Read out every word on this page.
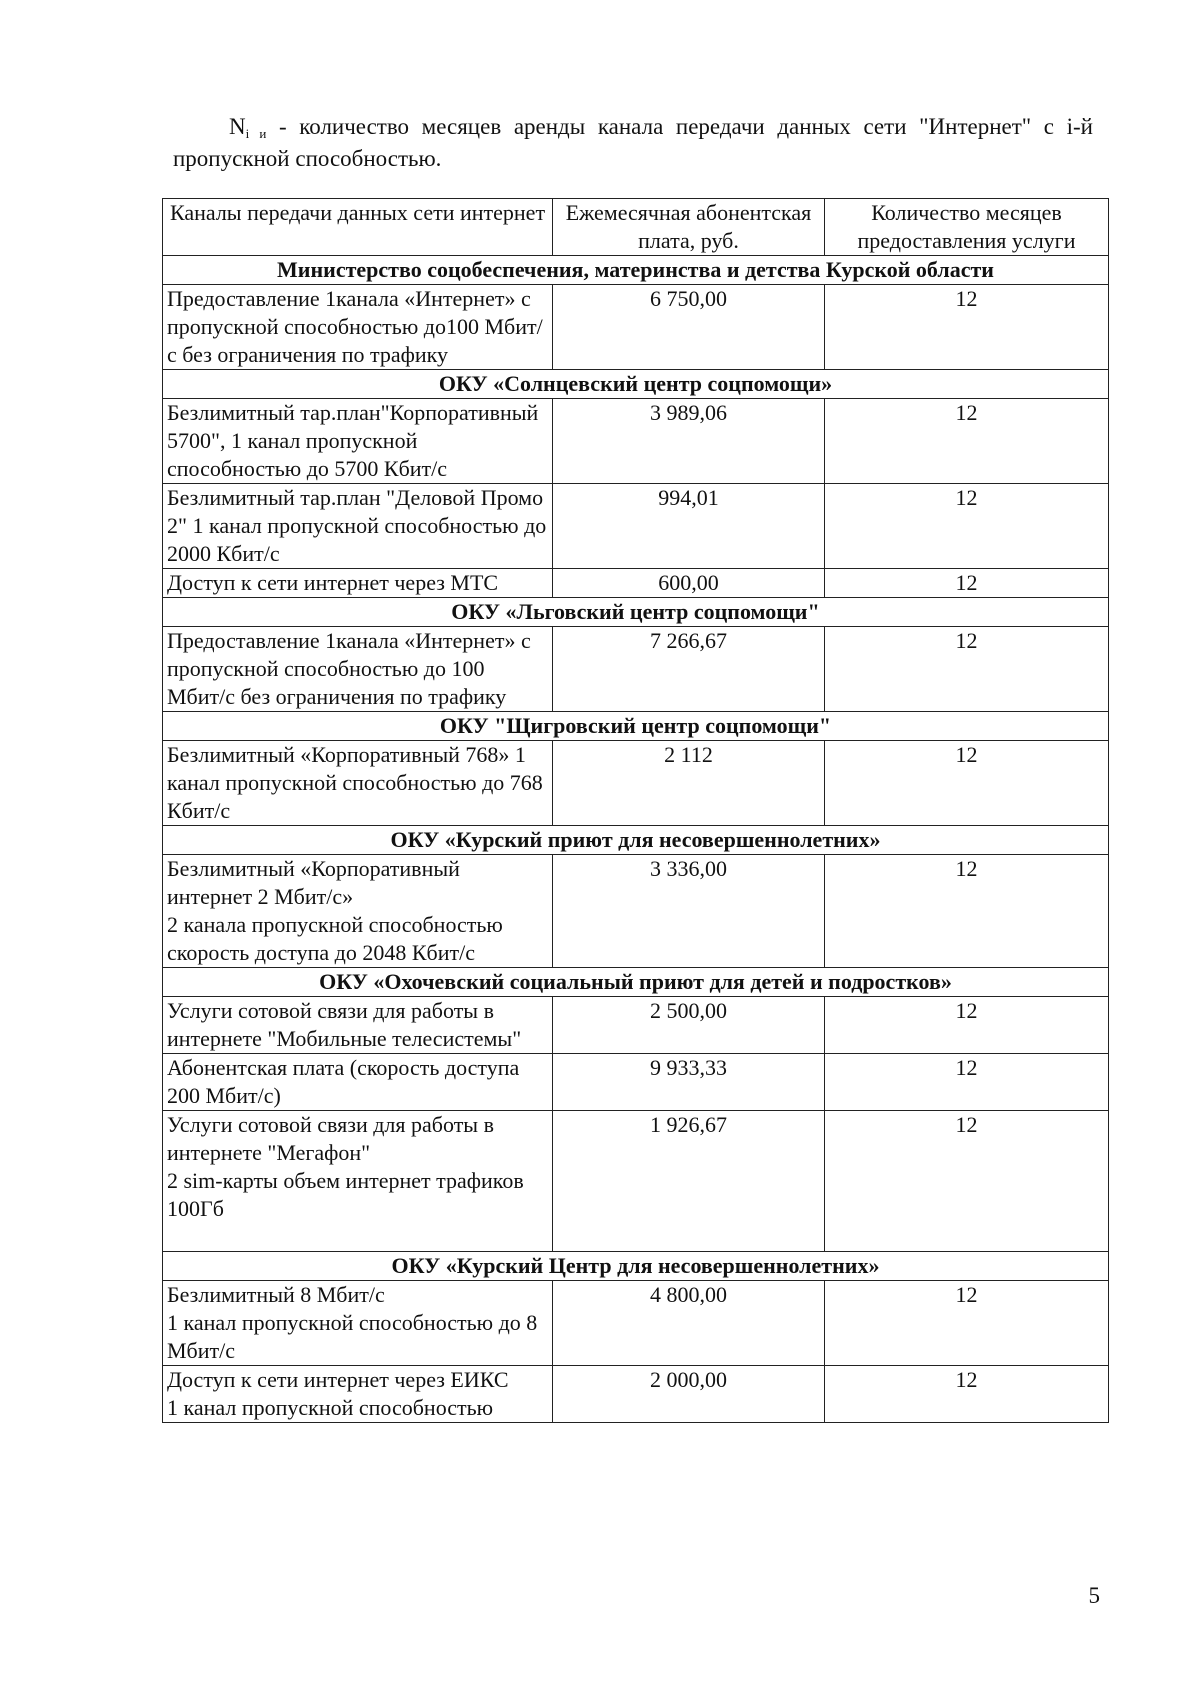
$N_{i и}$ - количество месяцев аренды канала передачи данных сети "Интернет" с i-й пропускной способностью.
Каналы передачи данных сети интернет	Ежемесячная абонентская плата, руб.	Количество месяцев предоставления услуги
Министерство соцобеспечения, материнства и детства Курской области		
Предоставление 1канала «Интернет» с пропускной способностью до100 Мбит/с без ограничения по трафику	6 750,00	12
ОКУ «Солнцевский центр соцпомощи»		
Безлимитный тар.план"Корпоративный 5700", 1 канал пропускной способностью до 5700 Кбит/с	3 989,06	12
Безлимитный тар.план "Деловой Промо 2" 1 канал пропускной способностью до 2000 Кбит/с	994,01	12
Доступ к сети интернет через МТС	600,00	12
ОКУ «Льговский центр соцпомощи"		
Предоставление 1канала «Интернет» с пропускной способностью до 100 Мбит/с без ограничения по трафику	7 266,67	12
ОКУ "Щигровский центр соцпомощи"		
Безлимитный «Корпоративный 768» 1 канал пропускной способностью до 768 Кбит/с	2 112	12
ОКУ «Курский приют для несовершеннолетних»		
Безлимитный «Корпоративный интернет 2 Мбит/с»
2 канала пропускной способностью скорость доступа до 2048 Кбит/с	3 336,00	12
ОКУ «Охочевский социальный приют для детей и подростков»		
Услуги сотовой связи для работы в интернете "Мобильные телесистемы"	2 500,00	12
Абонентская плата (скорость доступа 200 Мбит/с)	9 933,33	12
Услуги сотовой связи для работы в интернете "Мегафон"
2 sim-карты объем интернет трафиков 100Гб	1 926,67	12
ОКУ «Курский Центр для несовершеннолетних»		
Безлимитный 8 Мбит/с
1 канал пропускной способностью до 8 Мбит/с	4 800,00	12
Доступ к сети интернет через ЕИКС
1 канал пропускной способностью	2 000,00	12
5
